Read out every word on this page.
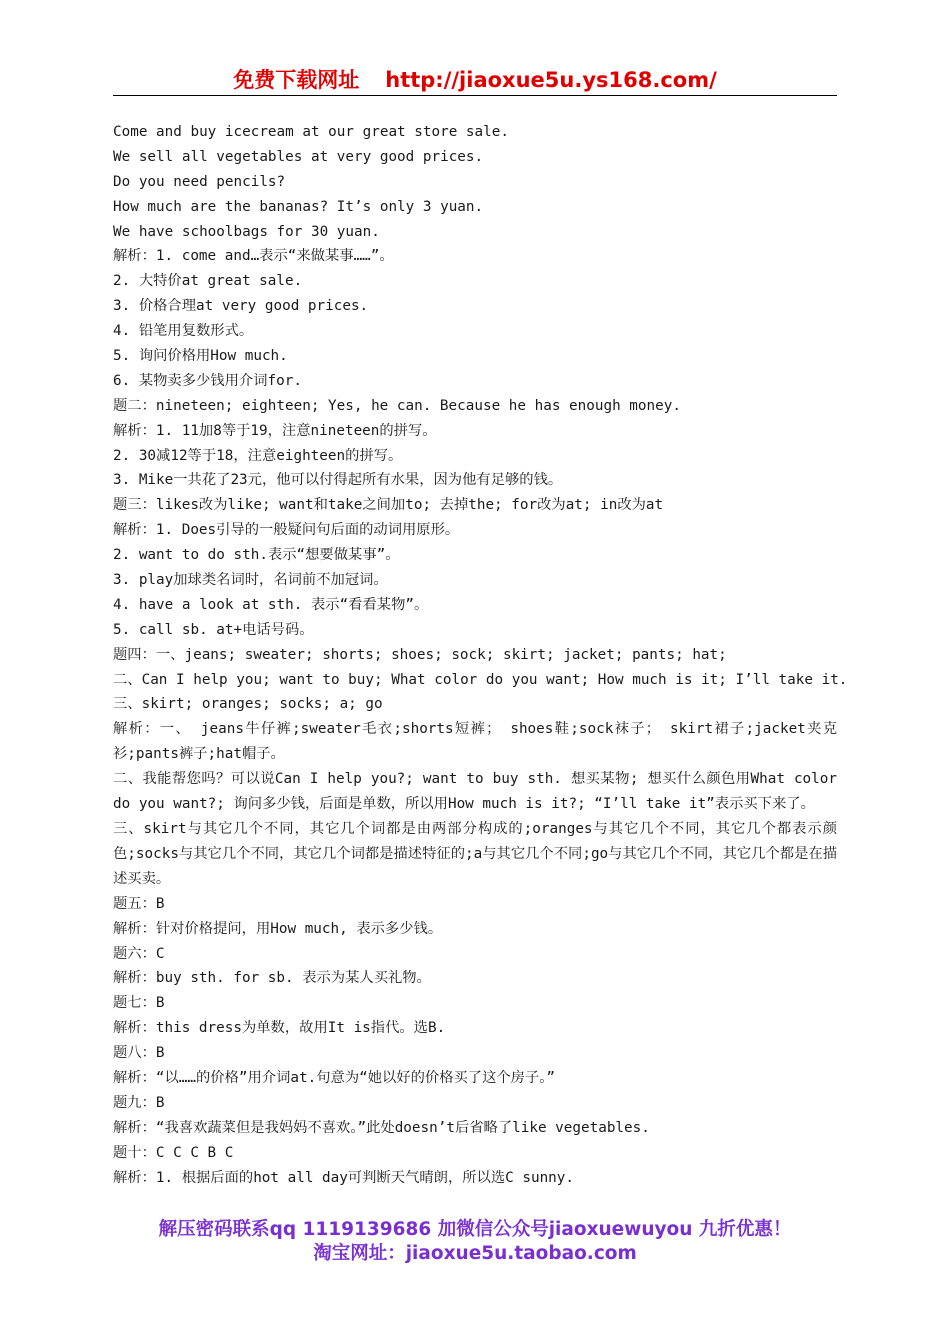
免费下载网址 http://jiaoxue5u.ys168.com/
Come and buy icecream at our great store sale.
We sell all vegetables at very good prices.
Do you need pencils?
How much are the bananas? It’s only 3 yuan.
We have schoolbags for 30 yuan.
解析：1. come and…表示“来做某事……”。
2. 大特价at great sale.
3. 价格合理at very good prices.
4. 铅笔用复数形式。
5. 询问价格用How much.
6. 某物卖多少钱用介词for.
题二：nineteen; eighteen; Yes, he can. Because he has enough money.
解析：1. 11加8等于19，注意nineteen的拼写。
2. 30减12等于18，注意eighteen的拼写。
3. Mike一共花了23元，他可以付得起所有水果，因为他有足够的钱。
题三：likes改为like; want和take之间加to; 去掉the; for改为at; in改为at
解析：1. Does引导的一般疑问句后面的动词用原形。
2. want to do sth.表示“想要做某事”。
3. play加球类名词时，名词前不加冠词。
4. have a look at sth. 表示“看看某物”。
5. call sb. at+电话号码。
题四：一、jeans; sweater; shorts; shoes; sock; skirt; jacket; pants; hat;
二、Can I help you; want to buy; What color do you want; How much is it; I’ll take it.
三、skirt; oranges; socks; a; go
解析：一、 jeans牛仔裤;sweater毛衣;shorts短裤； shoes鞋;sock袜子； skirt裙子;jacket夹克衫;pants裤子;hat帽子。
二、我能帮您吗？可以说Can I help you?; want to buy sth. 想买某物; 想买什么颜色用What color do you want?; 询问多少钱，后面是单数，所以用How much is it?; “I’ll take it”表示买下来了。
三、skirt与其它几个不同，其它几个词都是由两部分构成的;oranges与其它几个不同，其它几个都表示颜色;socks与其它几个不同，其它几个词都是描述特征的;a与其它几个不同;go与其它几个不同，其它几个都是在描述买卖。
题五：B
解析：针对价格提问，用How much, 表示多少钱。
题六：C
解析：buy sth. for sb. 表示为某人买礼物。
题七：B
解析：this dress为单数，故用It is指代。选B.
题八：B
解析：“以……的价格”用介词at.句意为“她以好的价格买了这个房子。”
题九：B
解析：“我喜欢蔬菜但是我妈妈不喜欢。”此处doesn’t后省略了like vegetables.
题十：C C C B C
解析：1. 根据后面的hot all day可判断天气晴朗，所以选C sunny.
解压密码联系qq 1119139686 加微信公众号jiaoxuewuyou 九折优惠！
淘宝网址：jiaoxue5u.taobao.com
